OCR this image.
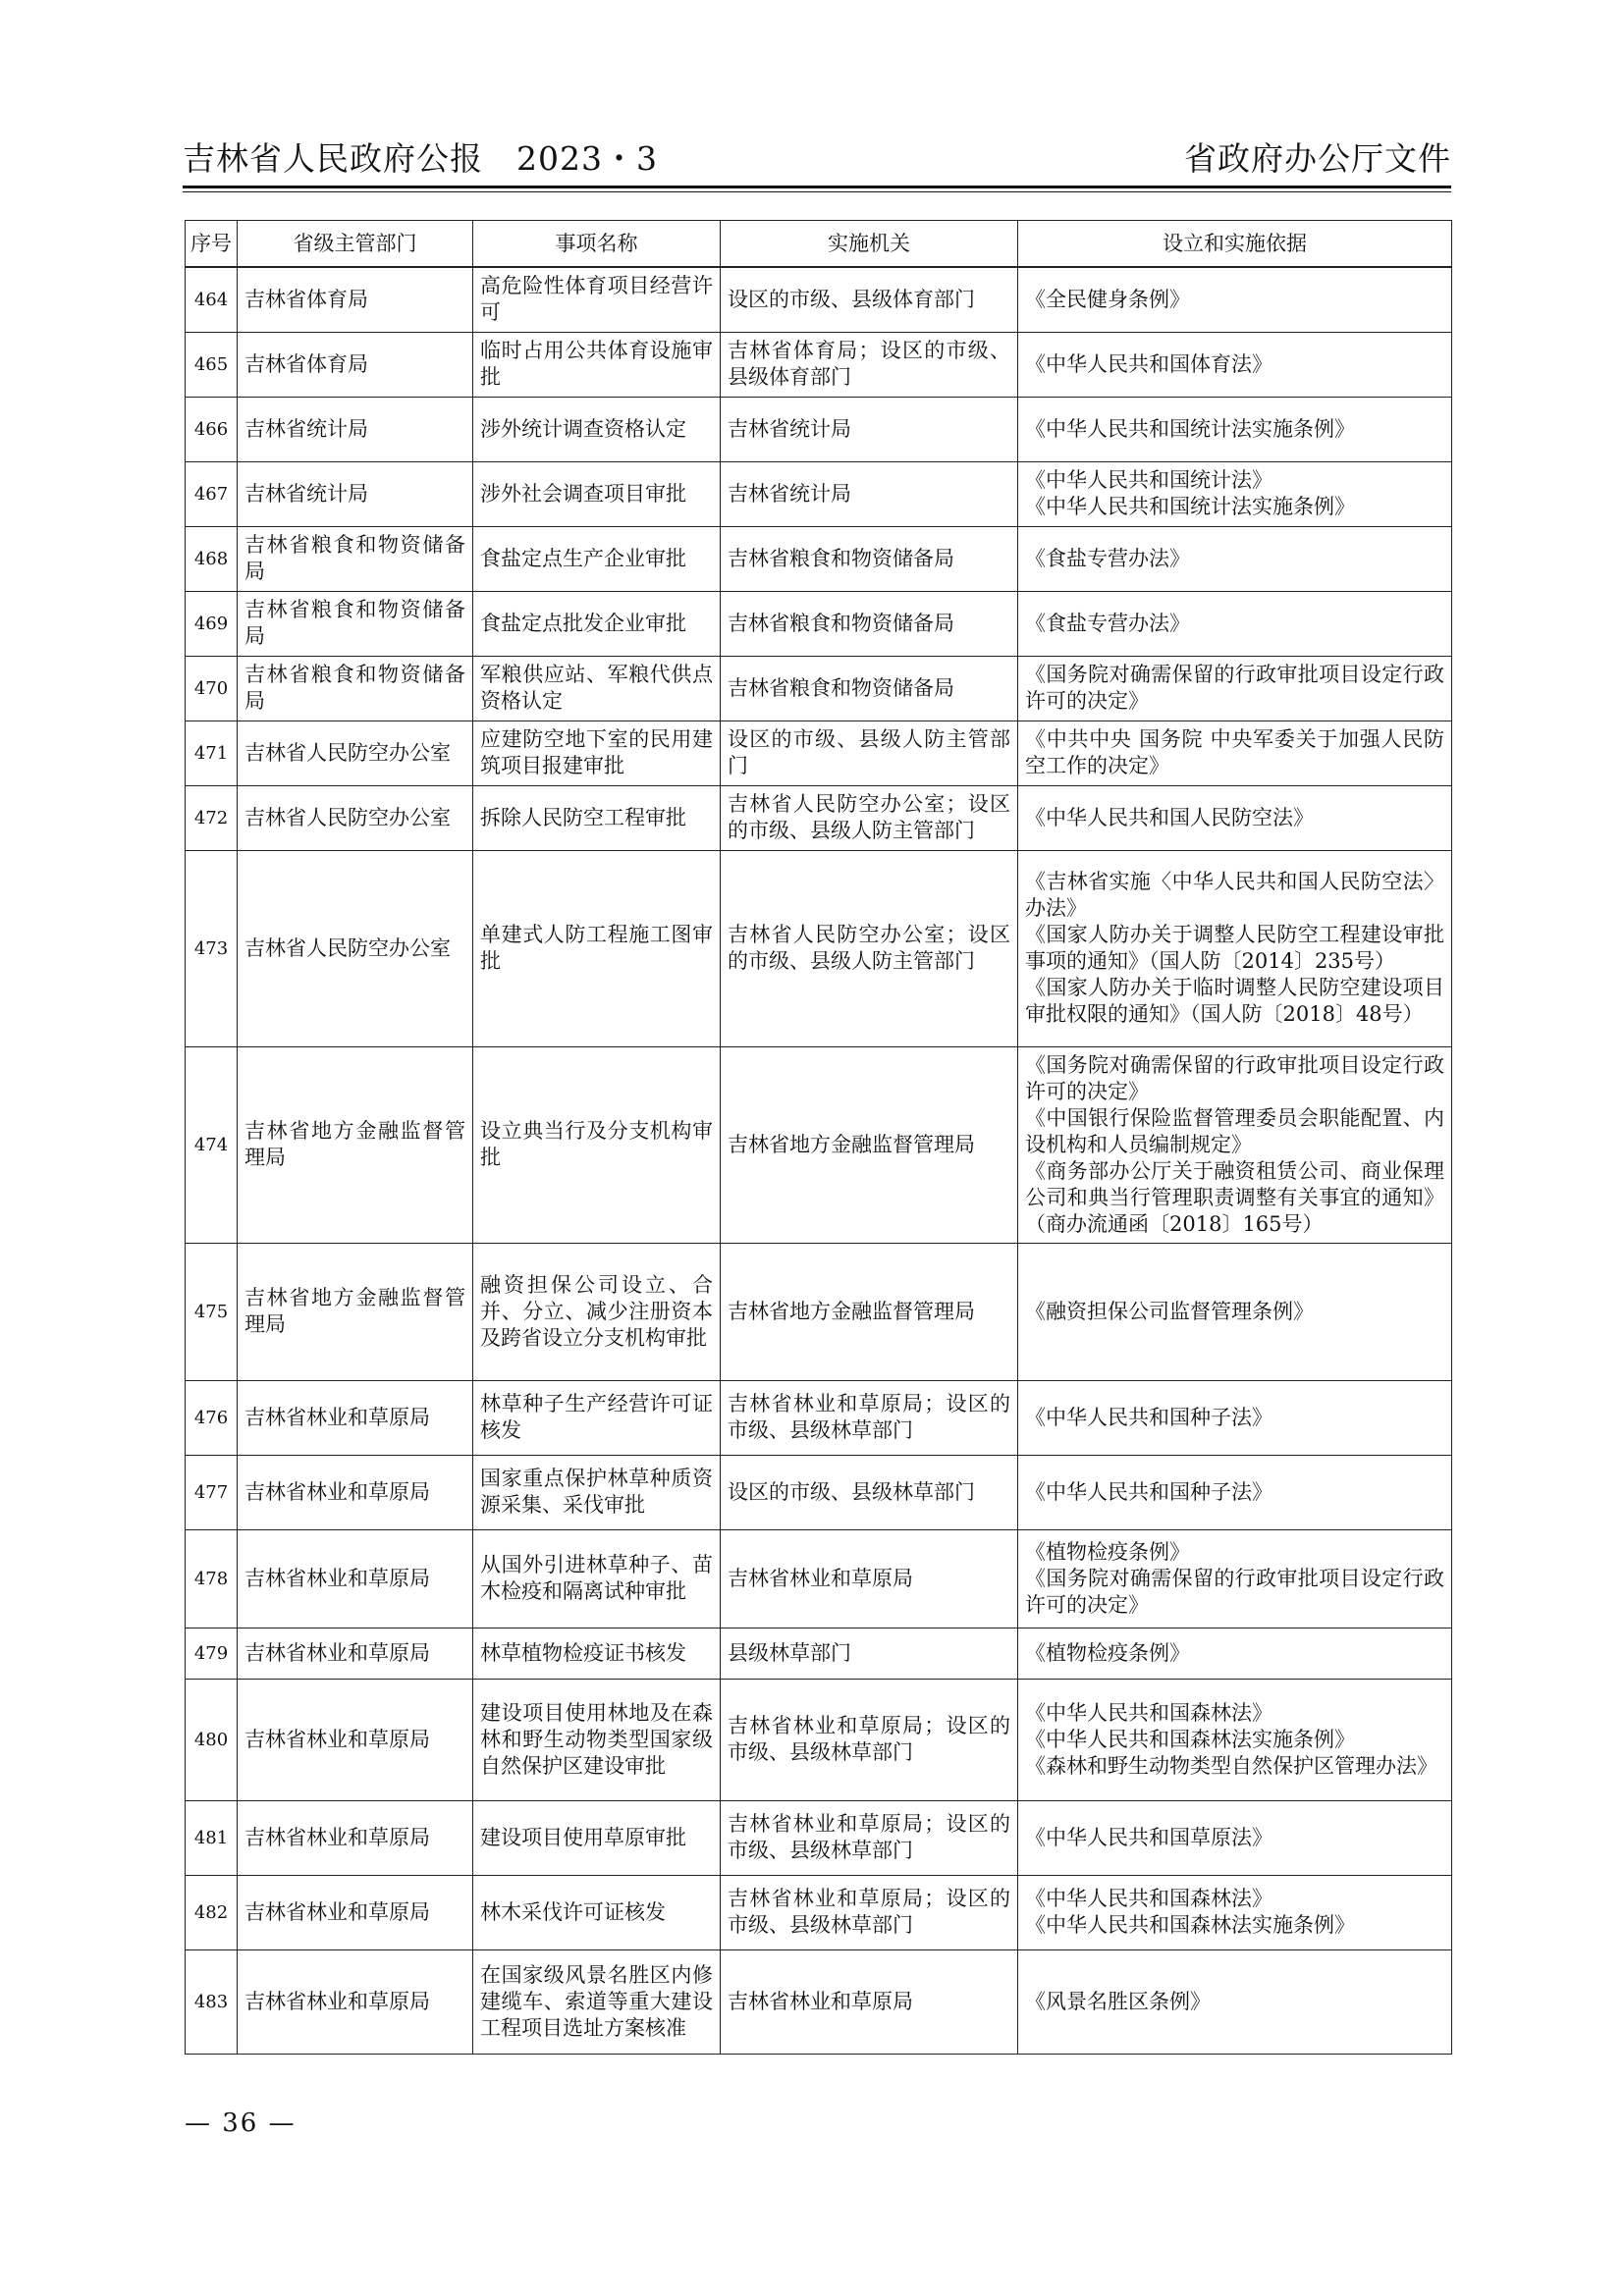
吉林省人民政府公报　2023・3	省政府办公厅文件
序号	省级主管部门	事项名称	实施机关	设立和实施依据
464	吉林省体育局	高危险性体育项目经营许可	设区的市级、县级体育部门	《全民健身条例》

465	吉林省体育局	临时占用公共体育设施审批	吉林省体育局；设区的市级、县级体育部门	《中华人民共和国体育法》

466	吉林省统计局	涉外统计调查资格认定	吉林省统计局	《中华人民共和国统计法实施条例》

467	吉林省统计局	涉外社会调查项目审批	吉林省统计局	《中华人民共和国统计法》
《中华人民共和国统计法实施条例》

468	吉林省粮食和物资储备局	食盐定点生产企业审批	吉林省粮食和物资储备局	《食盐专营办法》

469	吉林省粮食和物资储备局	食盐定点批发企业审批	吉林省粮食和物资储备局	《食盐专营办法》

470	吉林省粮食和物资储备局	军粮供应站、军粮代供点资格认定	吉林省粮食和物资储备局	《国务院对确需保留的行政审批项目设定行政许可的决定》

471	吉林省人民防空办公室	应建防空地下室的民用建筑项目报建审批	设区的市级、县级人防主管部门	《中共中央 国务院 中央军委关于加强人民防空工作的决定》

472	吉林省人民防空办公室	拆除人民防空工程审批	吉林省人民防空办公室；设区的市级、县级人防主管部门	《中华人民共和国人民防空法》

473	吉林省人民防空办公室	单建式人防工程施工图审批	吉林省人民防空办公室；设区的市级、县级人防主管部门	《吉林省实施〈中华人民共和国人民防空法〉办法》
《国家人防办关于调整人民防空工程建设审批事项的通知》（国人防〔2014〕235号）
《国家人防办关于临时调整人民防空建设项目审批权限的通知》（国人防〔2018〕48号）

474	吉林省地方金融监督管理局	设立典当行及分支机构审批	吉林省地方金融监督管理局	《国务院对确需保留的行政审批项目设定行政许可的决定》
《中国银行保险监督管理委员会职能配置、内设机构和人员编制规定》
《商务部办公厅关于融资租赁公司、商业保理公司和典当行管理职责调整有关事宜的通知》（商办流通函〔2018〕165号）

475	吉林省地方金融监督管理局	融资担保公司设立、合并、分立、减少注册资本及跨省设立分支机构审批	吉林省地方金融监督管理局	《融资担保公司监督管理条例》

476	吉林省林业和草原局	林草种子生产经营许可证核发	吉林省林业和草原局；设区的市级、县级林草部门	《中华人民共和国种子法》

477	吉林省林业和草原局	国家重点保护林草种质资源采集、采伐审批	设区的市级、县级林草部门	《中华人民共和国种子法》

478	吉林省林业和草原局	从国外引进林草种子、苗木检疫和隔离试种审批	吉林省林业和草原局	《植物检疫条例》
《国务院对确需保留的行政审批项目设定行政许可的决定》

479	吉林省林业和草原局	林草植物检疫证书核发	县级林草部门	《植物检疫条例》

480	吉林省林业和草原局	建设项目使用林地及在森林和野生动物类型国家级自然保护区建设审批	吉林省林业和草原局；设区的市级、县级林草部门	《中华人民共和国森林法》
《中华人民共和国森林法实施条例》
《森林和野生动物类型自然保护区管理办法》

481	吉林省林业和草原局	建设项目使用草原审批	吉林省林业和草原局；设区的市级、县级林草部门	《中华人民共和国草原法》

482	吉林省林业和草原局	林木采伐许可证核发	吉林省林业和草原局；设区的市级、县级林草部门	《中华人民共和国森林法》
《中华人民共和国森林法实施条例》

483	吉林省林业和草原局	在国家级风景名胜区内修建缆车、索道等重大建设工程项目选址方案核准	吉林省林业和草原局	《风景名胜区条例》
— 36 —
